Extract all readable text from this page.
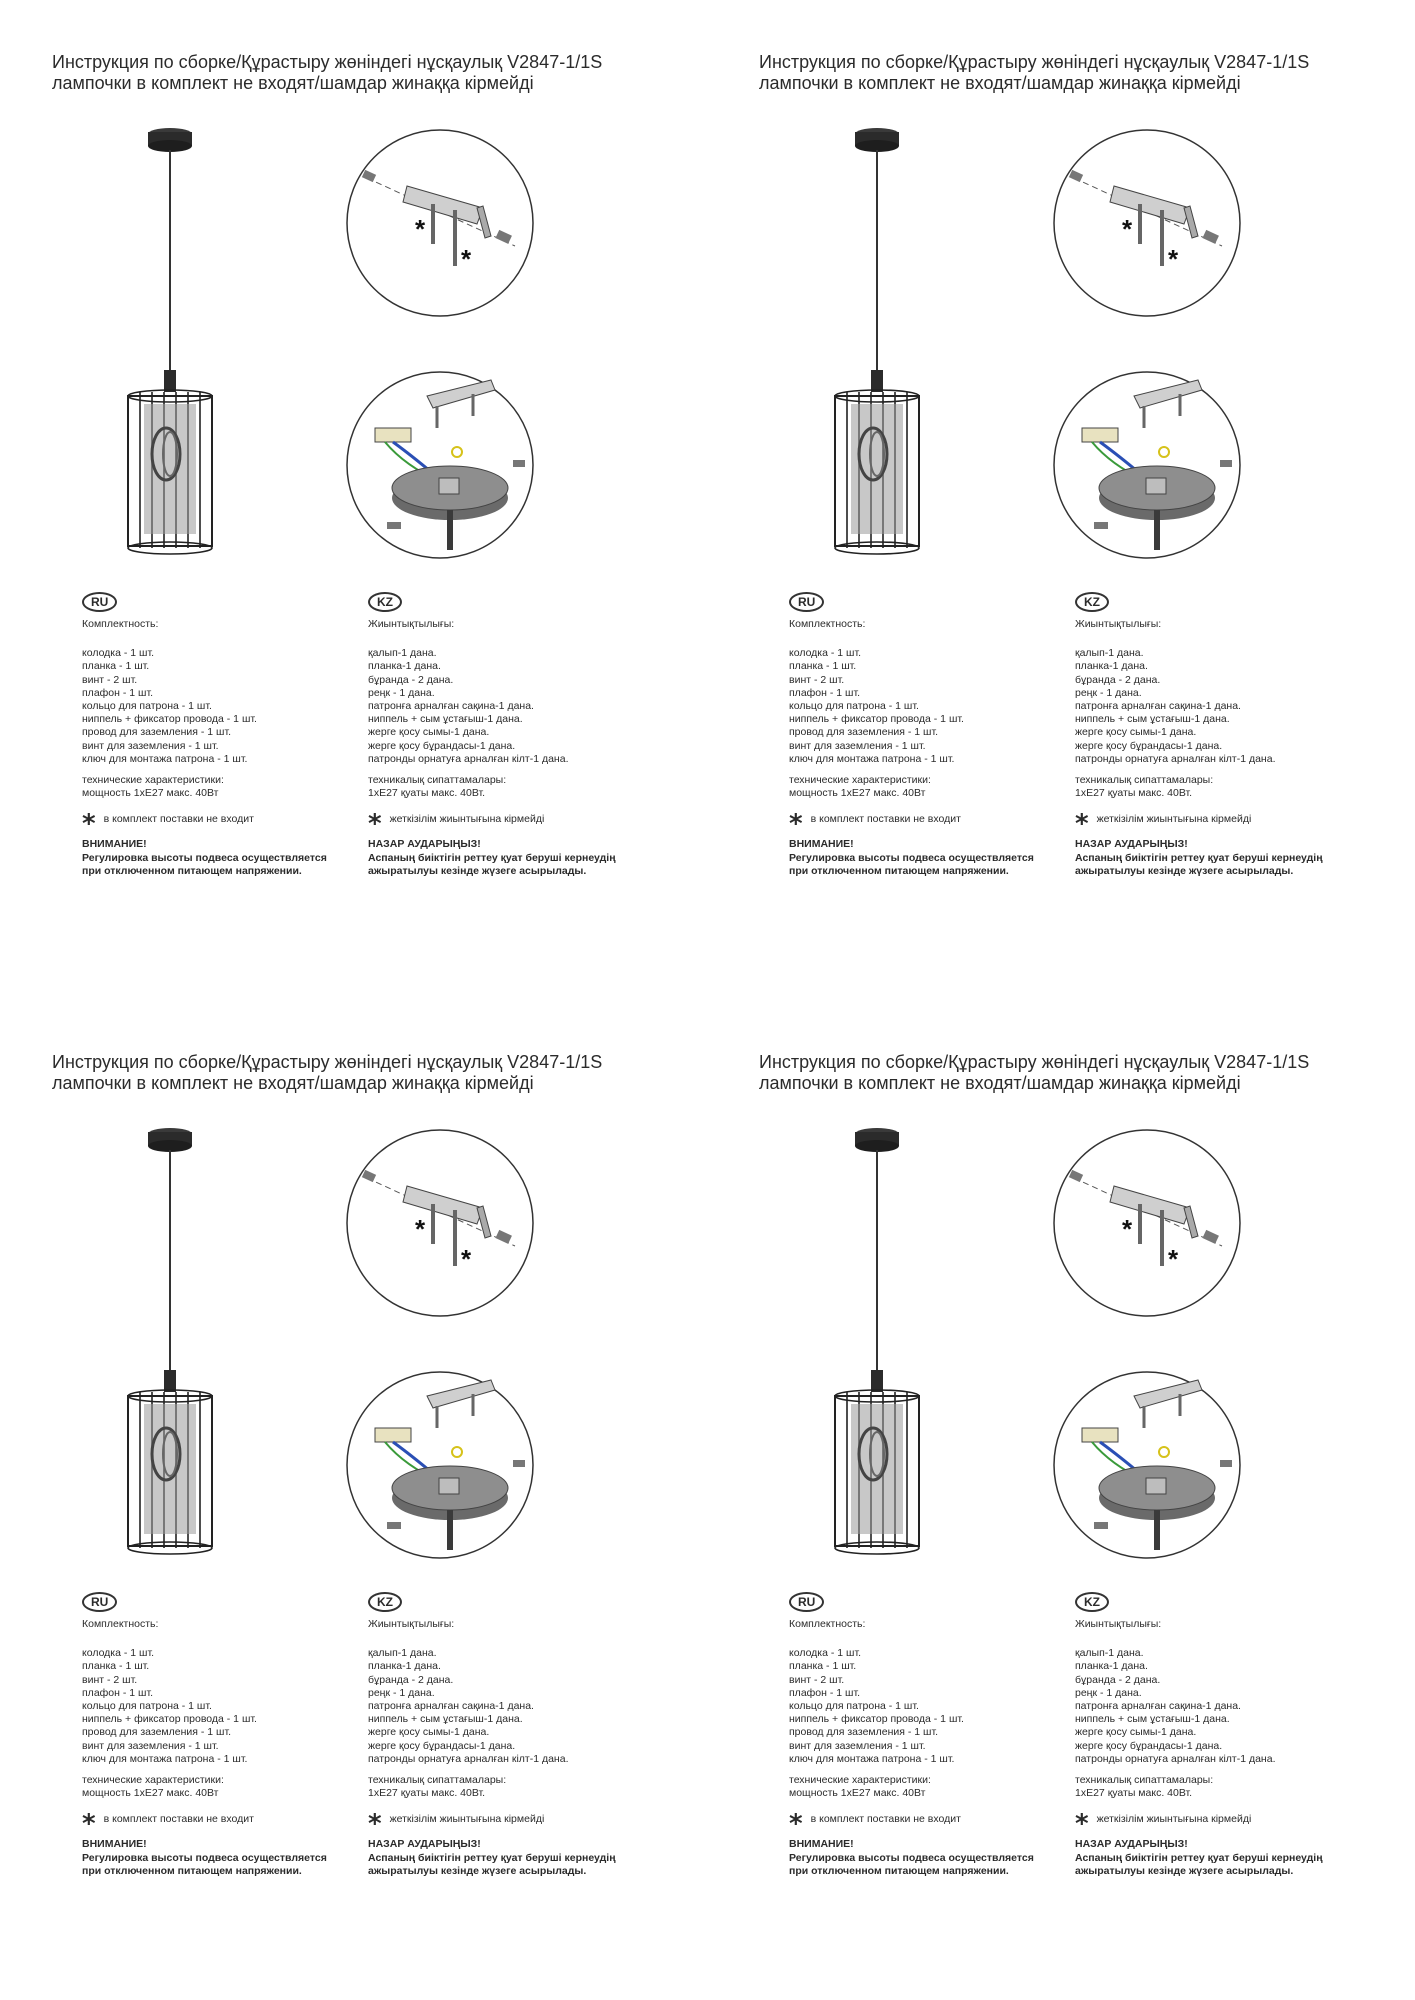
Инструкция по сборке/Құрастыру жөніндегі нұсқаулық V2847-1/1S
лампочки в комплект не входят/шамдар жинаққа кірмейді
*
*
RU
Комплектность:
колодка - 1 шт.
планка - 1 шт.
винт - 2 шт.
плафон - 1 шт.
кольцо для патрона - 1 шт.
ниппель + фиксатор провода - 1 шт.
провод для заземления - 1 шт.
винт для заземления - 1 шт.
ключ для монтажа патрона - 1 шт.
технические характеристики:
мощность 1хЕ27 макс. 40Вт
* в комплект поставки не входит
ВНИМАНИЕ!
Регулировка высоты подвеса осуществляется
при отключенном питающем напряжении.
KZ
Жиынтықтылығы:
қалып-1 дана.
планка-1 дана.
бұранда - 2 дана.
реңк - 1 дана.
патронға арналған сақина-1 дана.
ниппель + сым ұстағыш-1 дана.
жерге қосу сымы-1 дана.
жерге қосу бұрандасы-1 дана.
патронды орнатуға арналған кілт-1 дана.
техникалық сипаттамалары:
1хЕ27 қуаты макс. 40Вт.
* жеткізілім жиынтығына кірмейді
НАЗАР АУДАРЫҢЫЗ!
Аспаның биіктігін реттеу қуат беруші кернеудің
ажыратылуы кезінде жүзеге асырылады.
Инструкция по сборке/Құрастыру жөніндегі нұсқаулық V2847-1/1S
лампочки в комплект не входят/шамдар жинаққа кірмейді
*
*
RU
Комплектность:
колодка - 1 шт.
планка - 1 шт.
винт - 2 шт.
плафон - 1 шт.
кольцо для патрона - 1 шт.
ниппель + фиксатор провода - 1 шт.
провод для заземления - 1 шт.
винт для заземления - 1 шт.
ключ для монтажа патрона - 1 шт.
технические характеристики:
мощность 1хЕ27 макс. 40Вт
* в комплект поставки не входит
ВНИМАНИЕ!
Регулировка высоты подвеса осуществляется
при отключенном питающем напряжении.
KZ
Жиынтықтылығы:
қалып-1 дана.
планка-1 дана.
бұранда - 2 дана.
реңк - 1 дана.
патронға арналған сақина-1 дана.
ниппель + сым ұстағыш-1 дана.
жерге қосу сымы-1 дана.
жерге қосу бұрандасы-1 дана.
патронды орнатуға арналған кілт-1 дана.
техникалық сипаттамалары:
1хЕ27 қуаты макс. 40Вт.
* жеткізілім жиынтығына кірмейді
НАЗАР АУДАРЫҢЫЗ!
Аспаның биіктігін реттеу қуат беруші кернеудің
ажыратылуы кезінде жүзеге асырылады.
Инструкция по сборке/Құрастыру жөніндегі нұсқаулық V2847-1/1S
лампочки в комплект не входят/шамдар жинаққа кірмейді
*
*
RU
Комплектность:
колодка - 1 шт.
планка - 1 шт.
винт - 2 шт.
плафон - 1 шт.
кольцо для патрона - 1 шт.
ниппель + фиксатор провода - 1 шт.
провод для заземления - 1 шт.
винт для заземления - 1 шт.
ключ для монтажа патрона - 1 шт.
технические характеристики:
мощность 1хЕ27 макс. 40Вт
* в комплект поставки не входит
ВНИМАНИЕ!
Регулировка высоты подвеса осуществляется
при отключенном питающем напряжении.
KZ
Жиынтықтылығы:
қалып-1 дана.
планка-1 дана.
бұранда - 2 дана.
реңк - 1 дана.
патронға арналған сақина-1 дана.
ниппель + сым ұстағыш-1 дана.
жерге қосу сымы-1 дана.
жерге қосу бұрандасы-1 дана.
патронды орнатуға арналған кілт-1 дана.
техникалық сипаттамалары:
1хЕ27 қуаты макс. 40Вт.
* жеткізілім жиынтығына кірмейді
НАЗАР АУДАРЫҢЫЗ!
Аспаның биіктігін реттеу қуат беруші кернеудің
ажыратылуы кезінде жүзеге асырылады.
Инструкция по сборке/Құрастыру жөніндегі нұсқаулық V2847-1/1S
лампочки в комплект не входят/шамдар жинаққа кірмейді
*
*
RU
Комплектность:
колодка - 1 шт.
планка - 1 шт.
винт - 2 шт.
плафон - 1 шт.
кольцо для патрона - 1 шт.
ниппель + фиксатор провода - 1 шт.
провод для заземления - 1 шт.
винт для заземления - 1 шт.
ключ для монтажа патрона - 1 шт.
технические характеристики:
мощность 1хЕ27 макс. 40Вт
* в комплект поставки не входит
ВНИМАНИЕ!
Регулировка высоты подвеса осуществляется
при отключенном питающем напряжении.
KZ
Жиынтықтылығы:
қалып-1 дана.
планка-1 дана.
бұранда - 2 дана.
реңк - 1 дана.
патронға арналған сақина-1 дана.
ниппель + сым ұстағыш-1 дана.
жерге қосу сымы-1 дана.
жерге қосу бұрандасы-1 дана.
патронды орнатуға арналған кілт-1 дана.
техникалық сипаттамалары:
1хЕ27 қуаты макс. 40Вт.
* жеткізілім жиынтығына кірмейді
НАЗАР АУДАРЫҢЫЗ!
Аспаның биіктігін реттеу қуат беруші кернеудің
ажыратылуы кезінде жүзеге асырылады.
